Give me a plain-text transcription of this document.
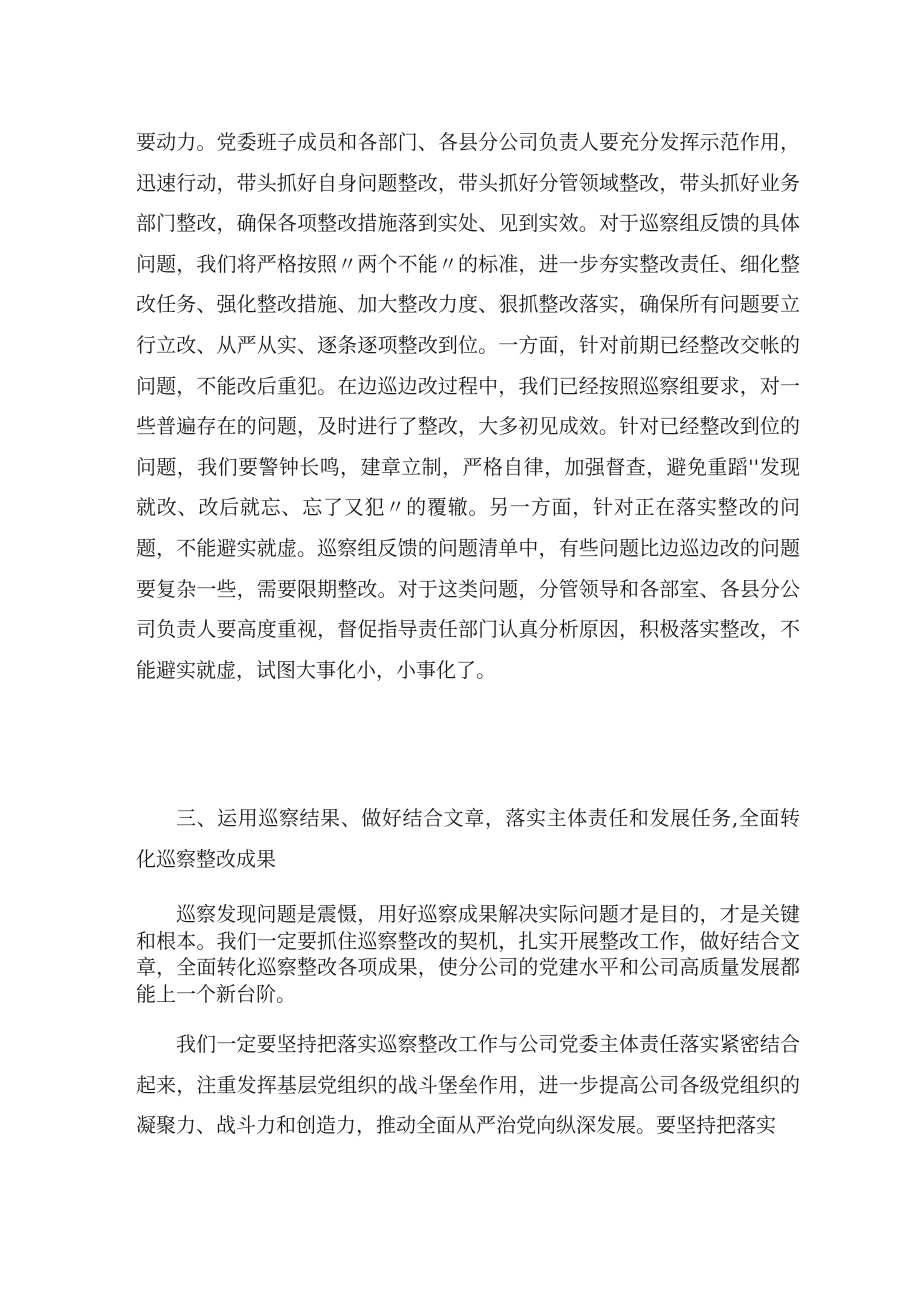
要动力。党委班子成员和各部门、各县分公司负责人要充分发挥示范作用，迅速行动，带头抓好自身问题整改，带头抓好分管领域整改，带头抓好业务部门整改，确保各项整改措施落到实处、见到实效。对于巡察组反馈的具体问题，我们将严格按照〃两个不能〃的标准，进一步夯实整改责任、细化整改任务、强化整改措施、加大整改力度、狠抓整改落实，确保所有问题要立行立改、从严从实、逐条逐项整改到位。一方面，针对前期已经整改交帐的问题，不能改后重犯。在边巡边改过程中，我们已经按照巡察组要求，对一些普遍存在的问题，及时进行了整改，大多初见成效。针对已经整改到位的问题，我们要警钟长鸣，建章立制，严格自律，加强督查，避免重蹈''发现就改、改后就忘、忘了又犯〃的覆辙。另一方面，针对正在落实整改的问题，不能避实就虚。巡察组反馈的问题清单中，有些问题比边巡边改的问题要复杂一些，需要限期整改。对于这类问题，分管领导和各部室、各县分公司负责人要高度重视，督促指导责任部门认真分析原因，积极落实整改，不能避实就虚，试图大事化小，小事化了。

三、运用巡察结果、做好结合文章，落实主体责任和发展任务,全面转化巡察整改成果

巡察发现问题是震慑，用好巡察成果解决实际问题才是目的，才是关键和根本。我们一定要抓住巡察整改的契机，扎实开展整改工作，做好结合文章，全面转化巡察整改各项成果，使分公司的党建水平和公司高质量发展都能上一个新台阶。

我们一定要坚持把落实巡察整改工作与公司党委主体责任落实紧密结合起来，注重发挥基层党组织的战斗堡垒作用，进一步提高公司各级党组织的凝聚力、战斗力和创造力，推动全面从严治党向纵深发展。要坚持把落实
